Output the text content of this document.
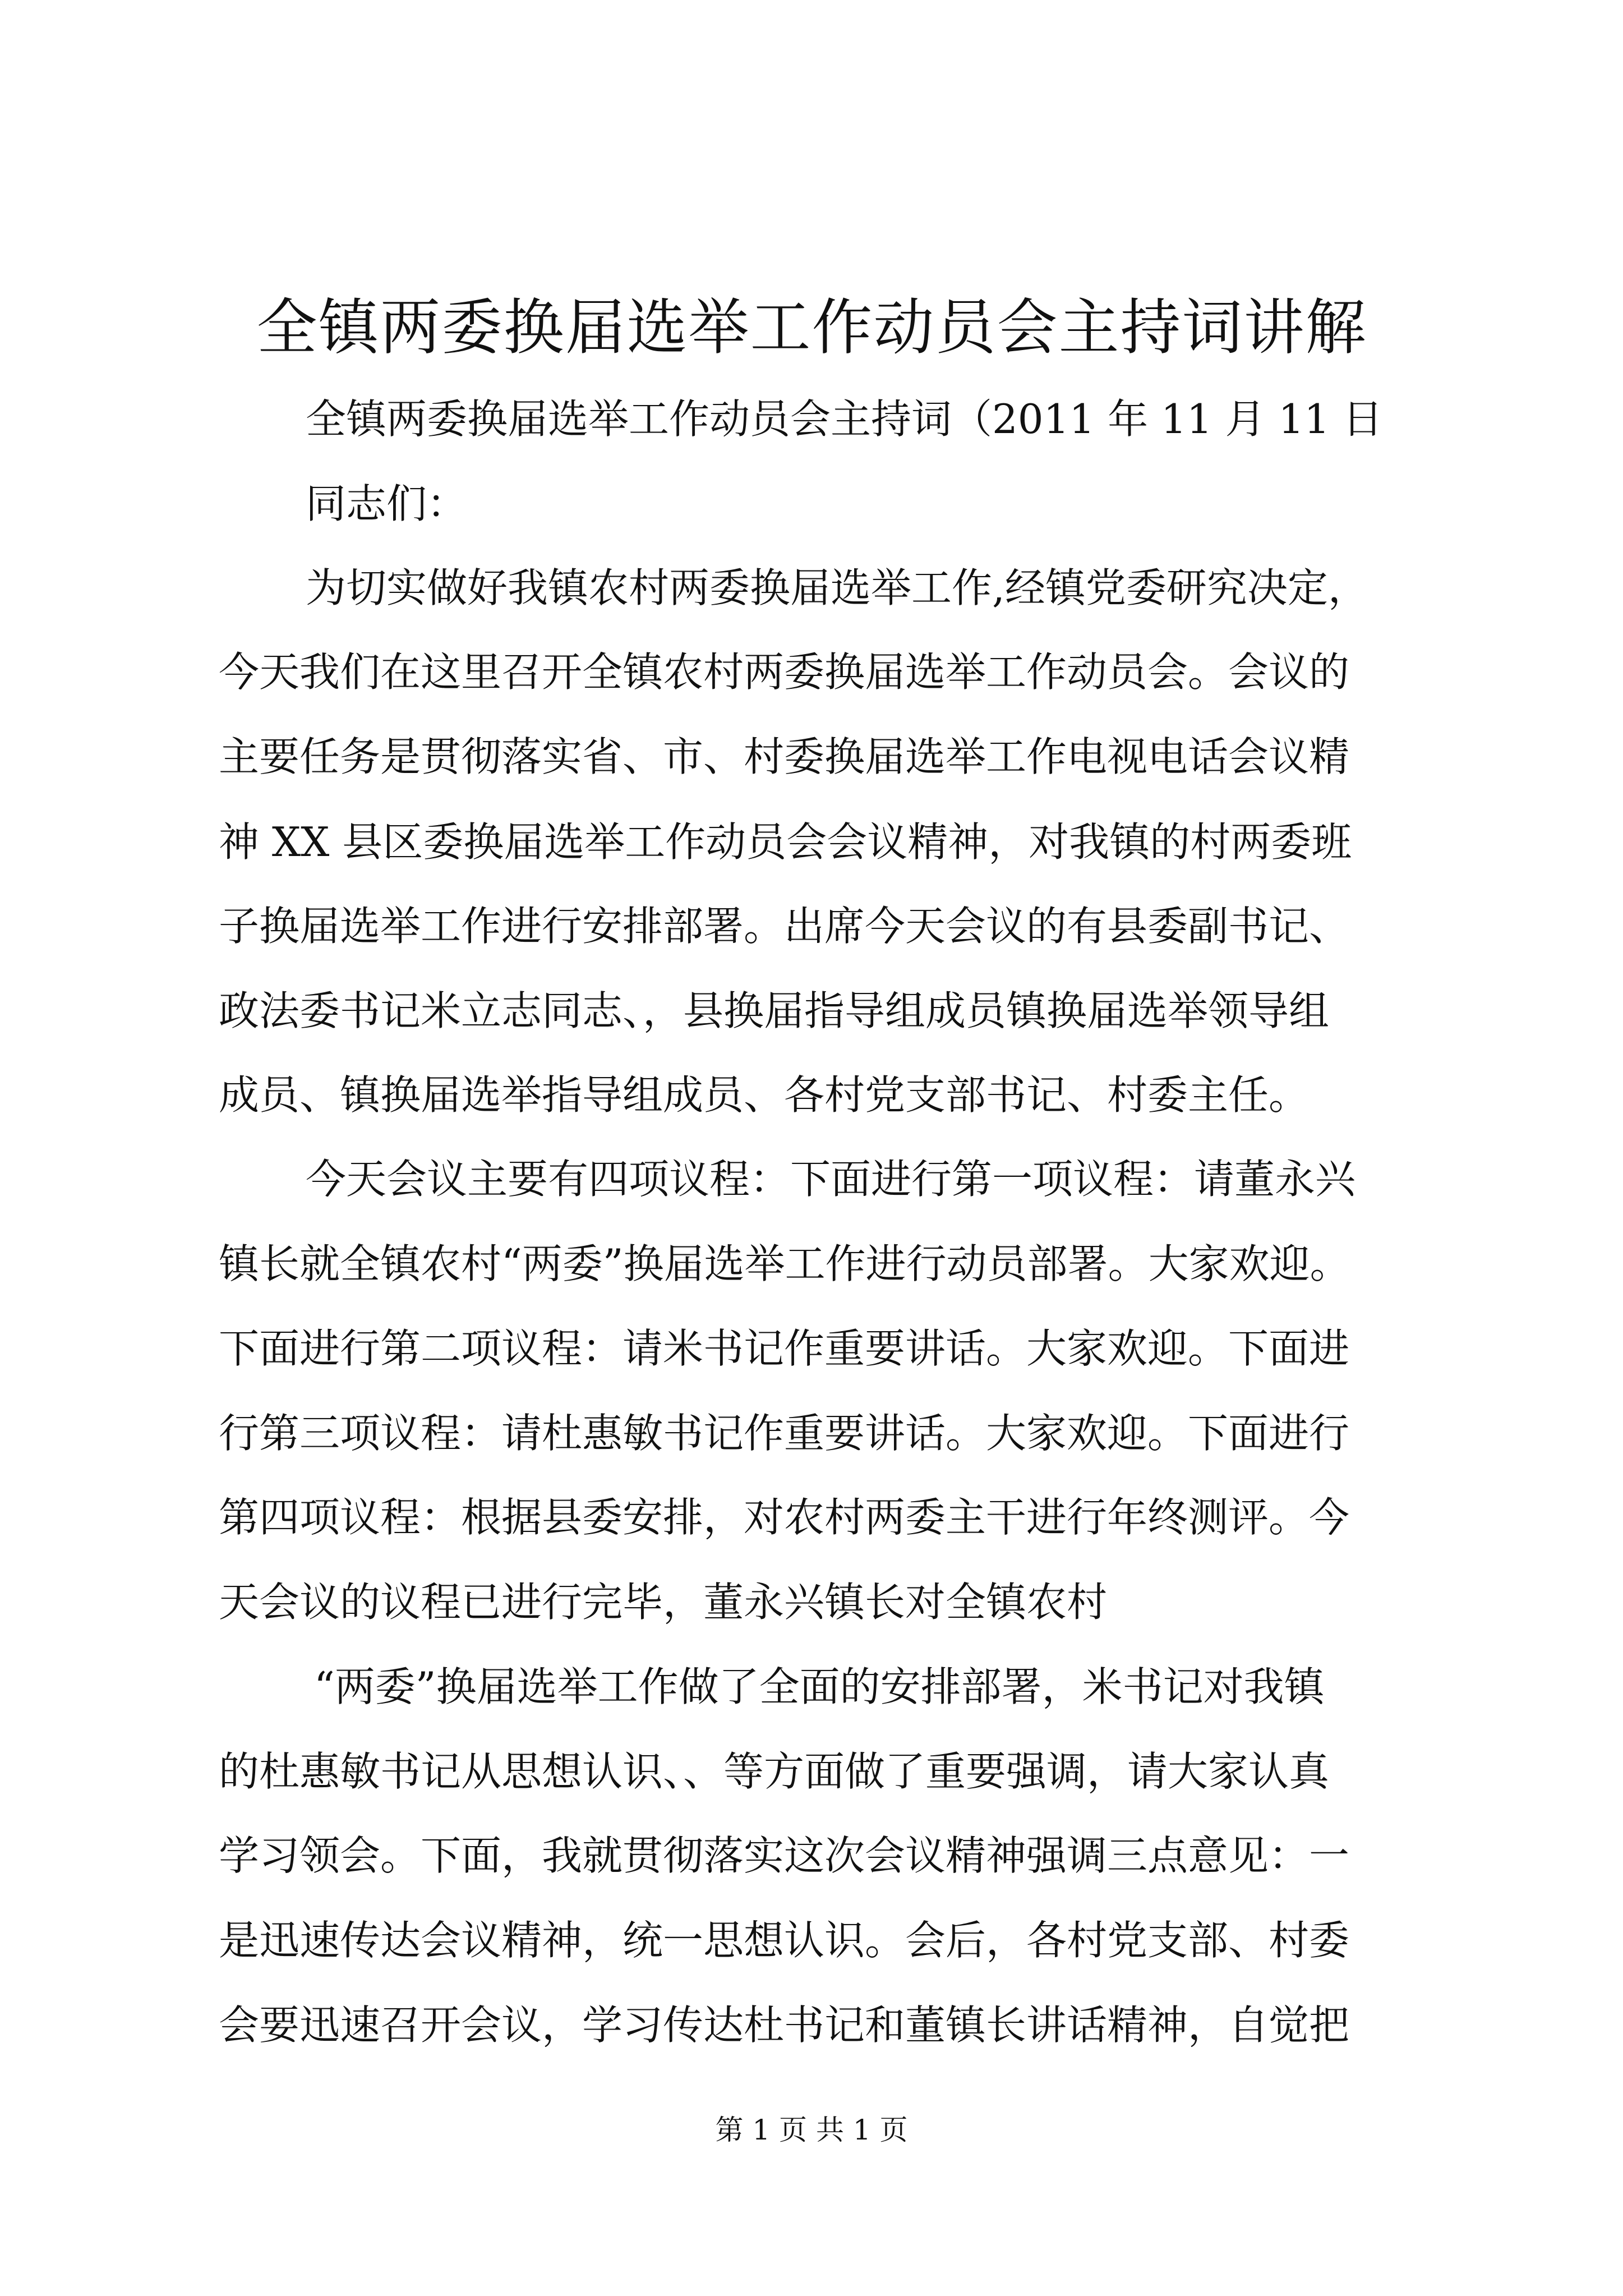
全镇两委换届选举工作动员会主持词讲解

全镇两委换届选举工作动员会主持词（2011 年 11 月 11 日

同志们：

为切实做好我镇农村两委换届选举工作,经镇党委研究决定，

今天我们在这里召开全镇农村两委换届选举工作动员会。会议的

主要任务是贯彻落实省、市、村委换届选举工作电视电话会议精

神 XX 县区委换届选举工作动员会会议精神，对我镇的村两委班

子换届选举工作进行安排部署。出席今天会议的有县委副书记、

政法委书记米立志同志、，县换届指导组成员镇换届选举领导组

成员、镇换届选举指导组成员、各村党支部书记、村委主任。

今天会议主要有四项议程：下面进行第一项议程：请董永兴

镇长就全镇农村“两委”换届选举工作进行动员部署。大家欢迎。

下面进行第二项议程：请米书记作重要讲话。大家欢迎。下面进

行第三项议程：请杜惠敏书记作重要讲话。大家欢迎。下面进行

第四项议程：根据县委安排，对农村两委主干进行年终测评。今

天会议的议程已进行完毕，董永兴镇长对全镇农村

“两委”换届选举工作做了全面的安排部署，米书记对我镇

的杜惠敏书记从思想认识、、等方面做了重要强调，请大家认真

学习领会。下面，我就贯彻落实这次会议精神强调三点意见：一

是迅速传达会议精神，统一思想认识。会后，各村党支部、村委

会要迅速召开会议，学习传达杜书记和董镇长讲话精神，自觉把

第 1 页 共 1 页
